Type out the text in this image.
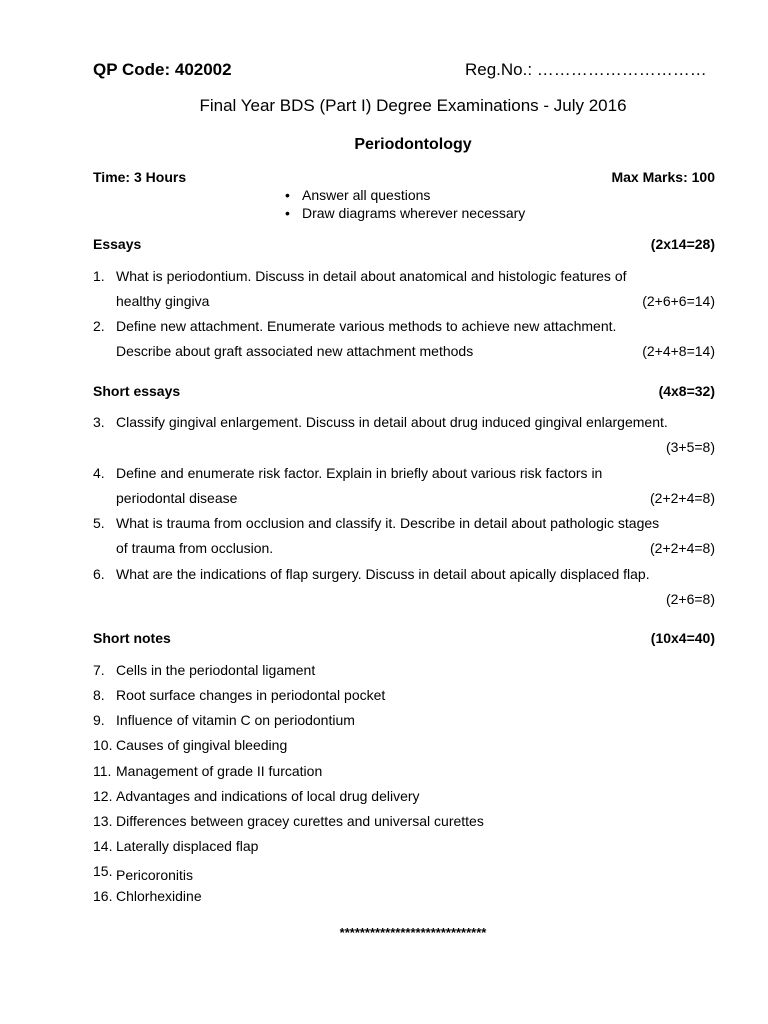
QP Code: 402002	Reg.No.: …………………………
Final Year BDS (Part I) Degree Examinations - July 2016
Periodontology
Time: 3 Hours	Max Marks: 100
• Answer all questions
• Draw diagrams wherever necessary
Essays	(2x14=28)
1. What is periodontium. Discuss in detail about anatomical and histologic features of
healthy gingiva	(2+6+6=14)
2. Define new attachment. Enumerate various methods to achieve new attachment.
Describe about graft associated new attachment methods	(2+4+8=14)
Short essays	(4x8=32)
3. Classify gingival enlargement. Discuss in detail about drug induced gingival enlargement.
(3+5=8)
4. Define and enumerate risk factor. Explain in briefly about various risk factors in
periodontal disease	(2+2+4=8)
5. What is trauma from occlusion and classify it. Describe in detail about pathologic stages
of trauma from occlusion.	(2+2+4=8)
6. What are the indications of flap surgery. Discuss in detail about apically displaced flap.
(2+6=8)
Short notes	(10x4=40)
7. Cells in the periodontal ligament
8. Root surface changes in periodontal pocket
9. Influence of vitamin C on periodontium
10. Causes of gingival bleeding
11. Management of grade II furcation
12. Advantages and indications of local drug delivery
13. Differences between gracey curettes and universal curettes
14. Laterally displaced flap
15. Pericoronitis
16. Chlorhexidine
*****************************
